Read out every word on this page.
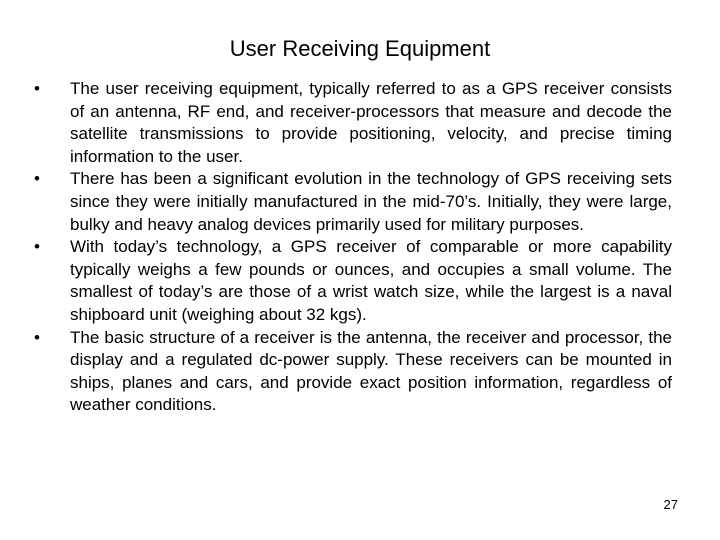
User Receiving Equipment
• The user receiving equipment, typically referred to as a GPS receiver consists of an antenna, RF end, and receiver-processors that measure and decode the satellite transmissions to provide positioning, velocity, and precise timing information to the user.
• There has been a significant evolution in the technology of GPS receiving sets since they were initially manufactured in the mid-70’s. Initially, they were large, bulky and heavy analog devices primarily used for military purposes.
• With today’s technology, a GPS receiver of comparable or more capability typically weighs a few pounds or ounces, and occupies a small volume. The smallest of today’s are those of a wrist watch size, while the largest is a naval shipboard unit (weighing about 32 kgs).
• The basic structure of a receiver is the antenna, the receiver and processor, the display and a regulated dc-power supply. These receivers can be mounted in ships, planes and cars, and provide exact position information, regardless of weather conditions.
27
